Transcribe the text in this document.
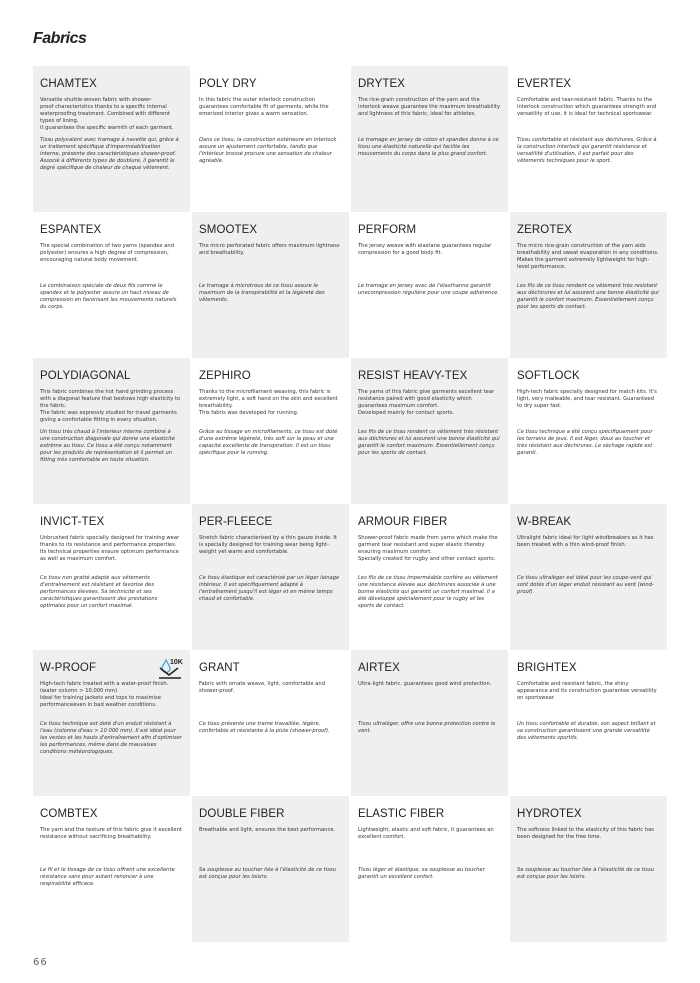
Fabrics
CHAMTEX
Versatile shuttle-woven fabric with shower-
proof characteristics thanks to a specific internal waterproofing treatment. Combined with different types of lining,
it guarantees the specific warmth of each garment.
Tissu polyvalent avec tramage à navette qui, grâce à un traitement spécifique d'imperméabilisation interne, présente des caractéristiques shower-proof. Associé à différents types de doublure, il garantit le degré spécifique de chaleur de chaque vêtement.
POLY DRY
In this fabric the outer interlock construction guarantees comfortable fit of garments, while the emerized interior gives a warm sensation.
Dans ce tissu, la construction extérieure en interlock assure un ajustement confortable, tandis que l'intérieur brossé procure une sensation de chaleur agréable.
DRYTEX
The rice-grain construction of the yarn and the interlock weave guarantee the maximum breathability and lightness of this fabric, ideal for athletes.
Le tramage en jersey de coton et spandex donne à ce tissu une élasticité naturelle qui facilite les mouvements du corps dans le plus grand confort.
EVERTEX
Comfortable and tear-resistant fabric. Thanks to the interlock construction which guarantees strength and versatility of use, it is ideal for technical sportswear.
Tissu confortable et résistant aux déchirures. Grâce à la construction interlock qui garantit résistance et versatilité d'utilisation, il est parfait pour des vêtements techniques pour le sport.
ESPANTEX
The special combination of two yarns (spandex and polyester) ensures a high degree of compression, encouraging natural body movement.
La combinaison spéciale de deux fils comme le spandex et le polyester assure un haut niveau de compression en favorisant les mouvements naturels du corps.
SMOOTEX
The micro perforated fabric offers maximum lightness and breathability.
Le tramage à microtrous de ce tissu assure le maximum de la transpirabilité et la légèreté des vêtements.
PERFORM
The jersey weave with elastane guarantees regular compression for a good body fit.
Le tramage en jersey avec de l'élasthanne garantit unecompression régulière pour une coupe adhérence.
ZEROTEX
The micro rice-grain construction of the yarn aids breathability and sweat evaporation in any conditions. Makes the garment extremely lightweight for high-level performance.
Les fils de ce tissu rendent ce vêtement très resistant aux déchirures et lui assurent une bonne élasticité qui garantit le confort maximum. Essentiellement conçu pour les sports de contact.
POLYDIAGONAL
This fabric combines the hot hand grinding process with a diagonal feature that bestows high elasticity to the fabric.
The fabric was expressly studied for travel garments giving a confortable fitting in every situation.
Un tissu très chaud à l'interieur interne combiné à une construction diagonale qui donne une elasticité extrême au tissu. Ce tissu a été conçu notamment pour les produits de représentation et il permet un fitting très comfortable en toute situation.
ZEPHIRO
Thanks to the microfilament weaving, this fabric is extremely light, a soft hand on the skin and excellent breathability.
This fabris was developed for running.
Grâce au tissage en microfilaments, ce tissu est doté d'une extrême légèreté, très soft sur la peau et une capacité excellente de transpiration. Il est un tissu spécifique pour le running.
RESIST HEAVY-TEX
The yarns of this fabric give garments excellent tear resistance paired with good elasticity which guarantees maximum comfort.
Developed mainly for contact sports.
Les fils de ce tissu rendent ce vêtement très résistant aux déchirures et lui assurent une bonne élasticité qui garantit le confort maximum. Essentiellement conçu pour les sports de contact.
SOFTLOCK
High-tech fabric specially designed for match kits. It's light, very malleable, and tear resistant. Guaranteed to dry super fast.
Ce tissu technique a été conçu spécifiquement pour les terrains de jeux. Il est léger, doux au toucher et très résistant aux déchirures. Le séchage rapide est garanti.
INVICT-TEX
Unbrushed fabric specially designed for training wear thanks to its resistance and performance properties. Its technical properties ensure optimum performance as well as maximum comfort.
Ce tissu non gratté adapté aux vêtements d'entraînement est résistant et favorise des performances élevées. Sa technicité et ses caractéristiques garantissent des prestations optimales pour un confort maximal.
PER-FLEECE
Stretch fabric characterised by a thin gauze inside. It is specially designed for training wear being light-weight yet warm and comfortable.
Ce tissu élastique est caractérisé par un léger lainage intérieur. Il est spécifiquement adapté à l'entraînement jusqu'il est léger et en même temps chaud et confortable.
ARMOUR FIBER
Shower-proof fabric made from yarns which make the garment tear resistant and super elastic thereby ensuring maximum comfort.
Specially created for rugby and other contact sports.
Les fils de ce tissu imperméable confère au vêtement une résistance élevée aux déchirures associée à une bonne élasticité qui garantit un confort maximal. Il a été développé spécialement pour le rugby et les sports de contact.
W-BREAK
Ultralight fabric ideal for light windbreakers as it has been treated with a thin wind-proof finish.
Ce tissu ultraléger est idéal pour les coupe-vent qui sont dotés d'un léger enduit résistant au vent (wind-proof).
W-PROOF
High-tech fabric treated with a water-proof finish. (water column > 10,000 mm)
Ideal for training jackets and tops to maximise performanceeven in bad weather conditions.
Ce tissu technique est doté d'un enduit résistant à l'eau (colonne d'eau > 10 000 mm). Il est idéal pour les vestes et les hauts d'entraînement afin d'optimiser les performances, même dans de mauvaises conditions météorologiques.
10K GRANT
Fabric with ornate weave, light, comfortable and shower-proof.
Ce tissu présente une trame travaillée, légère, confortable et résistante à la pluie (shower-proof).
AIRTEX
Ultra-light fabric, guarantees good wind protection.
Tissu ultraléger, offre une bonne protection contre le vent.
BRIGHTEX
Comfortable and resistant fabric, the shiny appearance and its construction guarantee versatility on sportswear.
Un tissu confortable et durable, son aspect brillant et sa construction garantissent une grande versatilité des vêtements sportifs.
COMBTEX
The yarn and the texture of this fabric give it excellent resistance without sacrificing breathability.
Le fil et le tissage de ce tissu offrent une excellente résistance sans pour autant renoncer à une respirabilité efficace.
DOUBLE FIBER
Breathable and light, ensures the best performance.
Sa souplesse au toucher liée à l'élasticité de ce tissu est conçue pour les loisirs.
ELASTIC FIBER
Lightweight, elastic and soft fabric, it guarantees an excellent comfort.
Tissu léger et élastique, sa souplesse au toucher garantit un excellent confort.
HYDROTEX
The softness linked to the elasticity of this fabric has been designed for the free time.
Sa souplesse au toucher liée à l'élasticité de ce tissu est conçue pour les loisirs.
66
